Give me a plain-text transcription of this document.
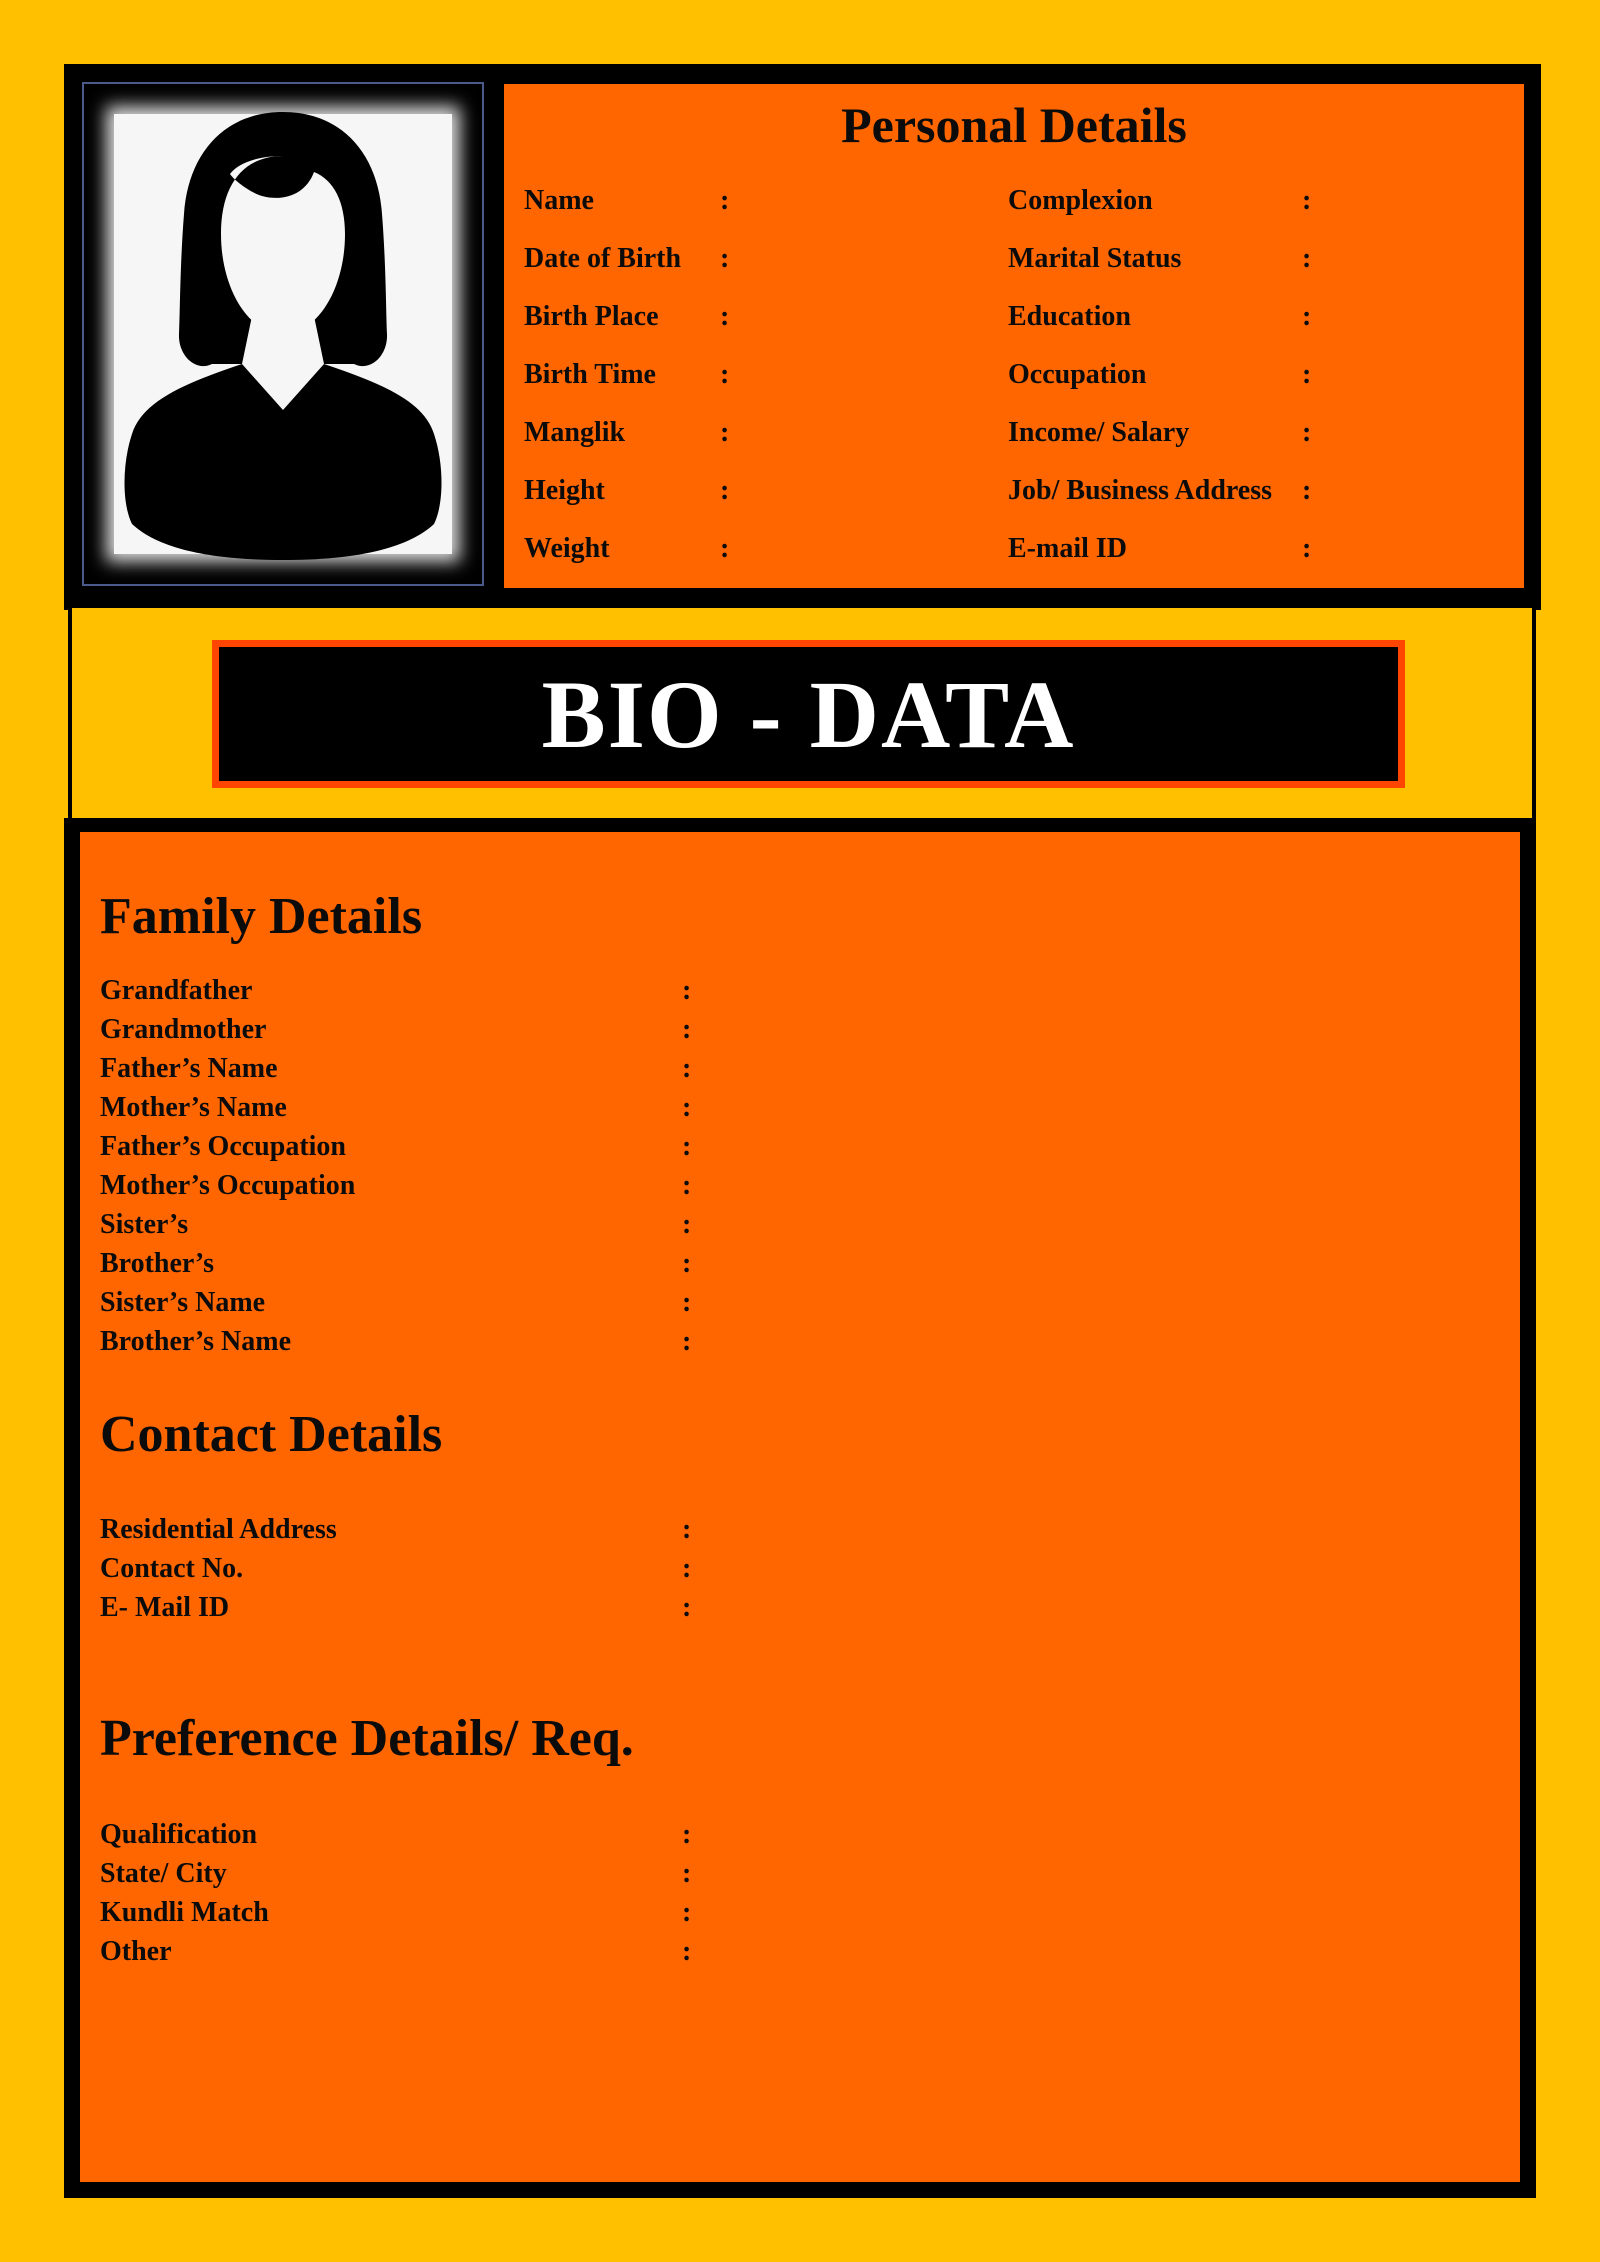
Personal Details
Name	:
Date of Birth :
Birth Place :
Birth Time :
Manglik	:
Height	:
Weight	:
Complexion	:
Marital Status	:
Education	:
Occupation	:
Income/ Salary	:
Job/ Business Address :
E-mail ID	:
BIO - DATA
Family Details
Grandfather	:
Grandmother	:
Father’s Name	:
Mother’s Name	:
Father’s Occupation	:
Mother’s Occupation	:
Sister’s	:
Brother’s	:
Sister’s Name	:
Brother’s Name	:
Contact Details
Residential Address	:
Contact No.	:
E- Mail ID	:
Preference Details/ Req.
Qualification	:
State/ City	:
Kundli Match	:
Other	:
